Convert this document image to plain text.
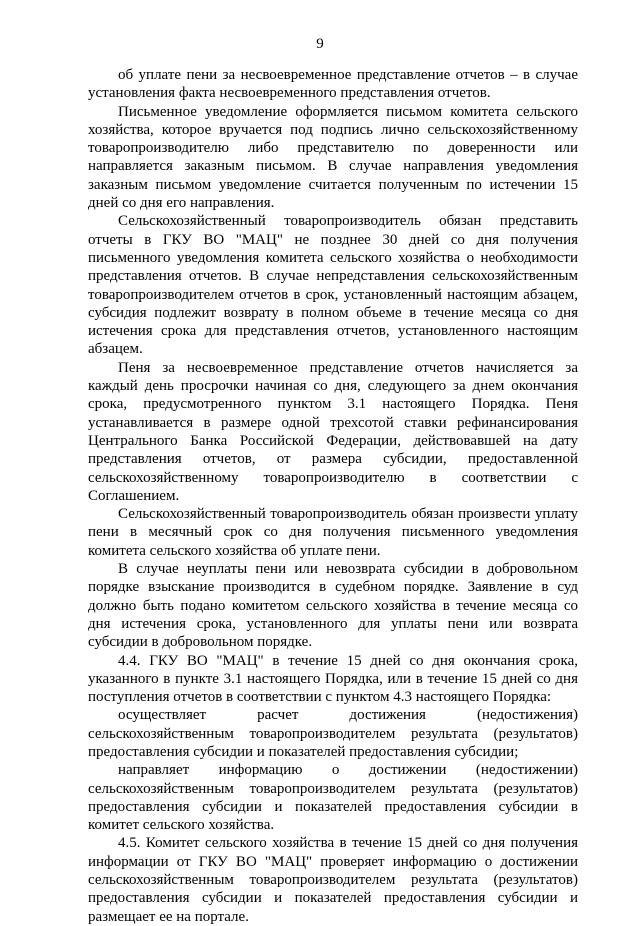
9

об уплате пени за несвоевременное представление отчетов – в случае установления факта несвоевременного представления отчетов.

Письменное уведомление оформляется письмом комитета сельского хозяйства, которое вручается под подпись лично сельскохозяйственному товаропроизводителю либо представителю по доверенности или направляется заказным письмом. В случае направления уведомления заказным письмом уведомление считается полученным по истечении 15 дней со дня его направления.

Сельскохозяйственный товаропроизводитель обязан представить отчеты в ГКУ ВО "МАЦ" не позднее 30 дней со дня получения письменного уведомления комитета сельского хозяйства о необходимости представления отчетов. В случае непредставления сельскохозяйственным товаропроизводителем отчетов в срок, установленный настоящим абзацем, субсидия подлежит возврату в полном объеме в течение месяца со дня истечения срока для представления отчетов, установленного настоящим абзацем.

Пеня за несвоевременное представление отчетов начисляется за каждый день просрочки начиная со дня, следующего за днем окончания срока, предусмотренного пунктом 3.1 настоящего Порядка. Пеня устанавливается в размере одной трехсотой ставки рефинансирования Центрального Банка Российской Федерации, действовавшей на дату представления отчетов, от размера субсидии, предоставленной сельскохозяйственному товаропроизводителю в соответствии с Соглашением.

Сельскохозяйственный товаропроизводитель обязан произвести уплату пени в месячный срок со дня получения письменного уведомления комитета сельского хозяйства об уплате пени.

В случае неуплаты пени или невозврата субсидии в добровольном порядке взыскание производится в судебном порядке. Заявление в суд должно быть подано комитетом сельского хозяйства в течение месяца со дня истечения срока, установленного для уплаты пени или возврата субсидии в добровольном порядке.

4.4. ГКУ ВО "МАЦ" в течение 15 дней со дня окончания срока, указанного в пункте 3.1 настоящего Порядка, или в течение 15 дней со дня поступления отчетов в соответствии с пунктом 4.3 настоящего Порядка:

осуществляет расчет достижения (недостижения) сельскохозяйственным товаропроизводителем результата (результатов) предоставления субсидии и показателей предоставления субсидии;

направляет информацию о достижении (недостижении) сельскохозяйственным товаропроизводителем результата (результатов) предоставления субсидии и показателей предоставления субсидии в комитет сельского хозяйства.

4.5. Комитет сельского хозяйства в течение 15 дней со дня получения информации от ГКУ ВО "МАЦ" проверяет информацию о достижении сельскохозяйственным товаропроизводителем результата (результатов) предоставления субсидии и показателей предоставления субсидии и размещает ее на портале.
